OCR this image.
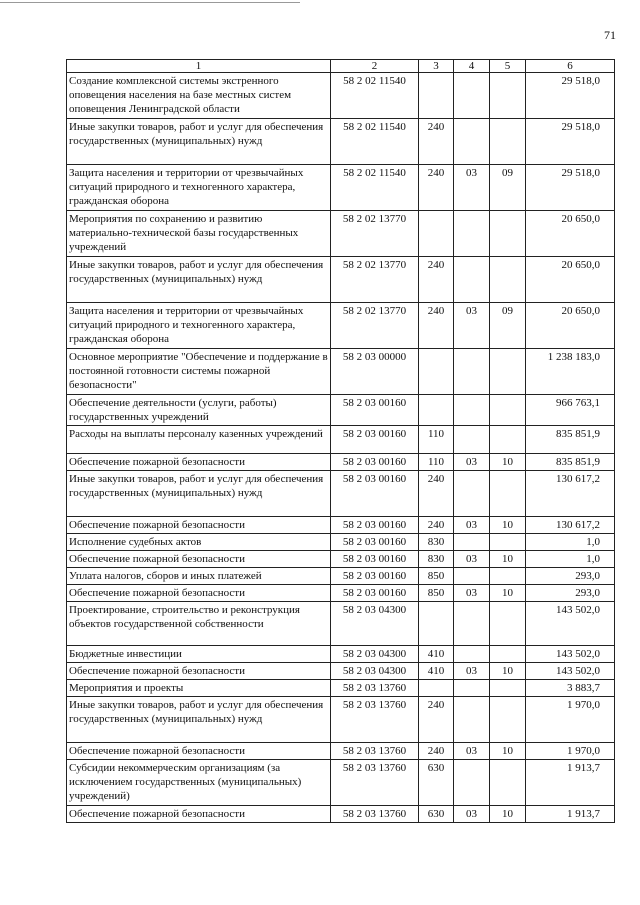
71
1	2	3	4	5	6
Создание комплексной системы экстренного оповещения населения на базе местных систем оповещения Ленинградской области	58 2 02 11540				29 518,0
Иные закупки товаров, работ и услуг для обеспечения государственных (муниципальных) нужд	58 2 02 11540	240			29 518,0
Защита населения и территории от чрезвычайных ситуаций природного и техногенного характера, гражданская оборона	58 2 02 11540	240	03	09	29 518,0
Мероприятия по сохранению и развитию материально-технической базы государственных учреждений	58 2 02 13770				20 650,0
Иные закупки товаров, работ и услуг для обеспечения государственных (муниципальных) нужд	58 2 02 13770	240			20 650,0
Защита населения и территории от чрезвычайных ситуаций природного и техногенного характера, гражданская оборона	58 2 02 13770	240	03	09	20 650,0
Основное мероприятие "Обеспечение и поддержание в постоянной готовности системы пожарной безопасности"	58 2 03 00000				1 238 183,0
Обеспечение деятельности (услуги, работы) государственных учреждений	58 2 03 00160				966 763,1
Расходы на выплаты персоналу казенных учреждений	58 2 03 00160	110			835 851,9
Обеспечение пожарной безопасности	58 2 03 00160	110	03	10	835 851,9
Иные закупки товаров, работ и услуг для обеспечения государственных (муниципальных) нужд	58 2 03 00160	240			130 617,2
Обеспечение пожарной безопасности	58 2 03 00160	240	03	10	130 617,2
Исполнение судебных актов	58 2 03 00160	830			1,0
Обеспечение пожарной безопасности	58 2 03 00160	830	03	10	1,0
Уплата налогов, сборов и иных платежей	58 2 03 00160	850			293,0
Обеспечение пожарной безопасности	58 2 03 00160	850	03	10	293,0
Проектирование, строительство и реконструкция объектов государственной собственности	58 2 03 04300				143 502,0
Бюджетные инвестиции	58 2 03 04300	410			143 502,0
Обеспечение пожарной безопасности	58 2 03 04300	410	03	10	143 502,0
Мероприятия и проекты	58 2 03 13760				3 883,7
Иные закупки товаров, работ и услуг для обеспечения государственных (муниципальных) нужд	58 2 03 13760	240			1 970,0
Обеспечение пожарной безопасности	58 2 03 13760	240	03	10	1 970,0
Субсидии некоммерческим организациям (за исключением государственных (муниципальных) учреждений)	58 2 03 13760	630			1 913,7
Обеспечение пожарной безопасности	58 2 03 13760	630	03	10	1 913,7
